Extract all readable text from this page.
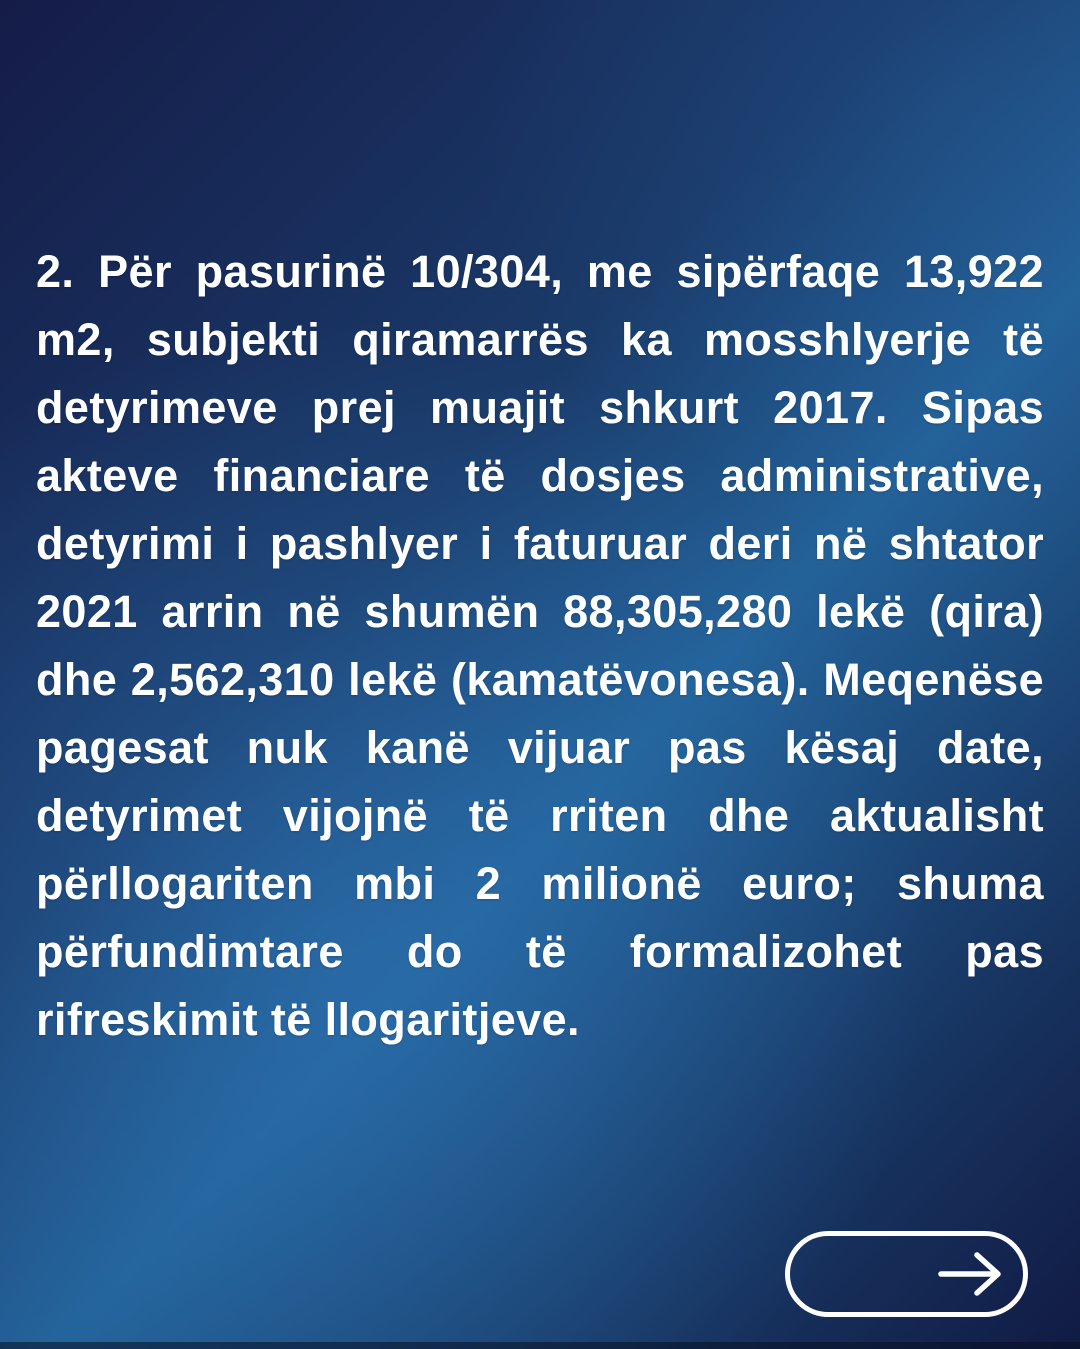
2. Për pasurinë 10/304, me sipërfaqe 13,922 m2, subjekti qiramarrës ka mosshlyerje të detyrimeve prej muajit shkurt 2017. Sipas akteve financiare të dosjes administrative, detyrimi i pashlyer i faturuar deri në shtator 2021 arrin në shumën 88,305,280 lekë (qira) dhe 2,562,310 lekë (kamatëvonesa). Meqenëse pagesat nuk kanë vijuar pas kësaj date, detyrimet vijojnë të rriten dhe aktualisht përllogariten mbi 2 milionë euro; shuma përfundimtare do të formalizohet pas rifreskimit të llogaritjeve.
